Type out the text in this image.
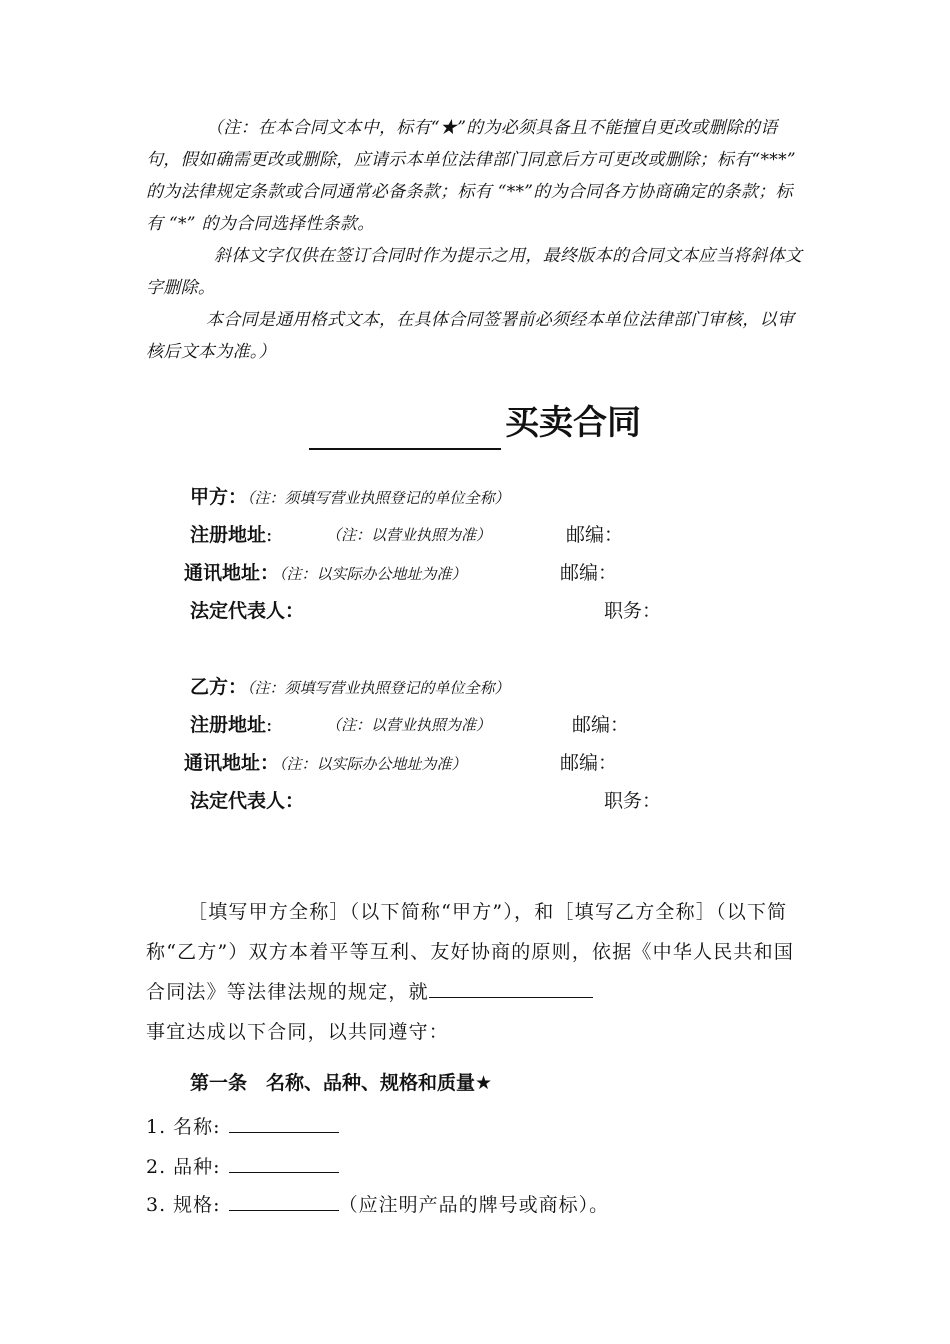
（注：在本合同文本中，标有“★”的为必须具备且不能擅自更改或删除的语句，假如确需更改或删除，应请示本单位法律部门同意后方可更改或删除；标有“***” 的为法律规定条款或合同通常必备条款；标有 “**”的为合同各方协商确定的条款；标有 “*” 的为合同选择性条款。

斜体文字仅供在签订合同时作为提示之用，最终版本的合同文本应当将斜体文字删除。

本合同是通用格式文本，在具体合同签署前必须经本单位法律部门审核，以审核后文本为准。）

买卖合同
甲方：（注：须填写营业执照登记的单位全称）
注册地址:	（注：以营业执照为准）	邮编：
通讯地址：（注：以实际办公地址为准）	邮编：
法定代表人：	职务：
乙方：（注：须填写营业执照登记的单位全称）
注册地址:	（注：以营业执照为准）	邮编：
通讯地址：（注：以实际办公地址为准）	邮编：
法定代表人：	职务：
［填写甲方全称］（以下简称“甲方”），和［填写乙方全称］（以下简称“乙方”）双方本着平等互利、友好协商的原则，依据《中华人民共和国合同法》等法律法规的规定，就
事宜达成以下合同，以共同遵守：
第一条　名称、品种、规格和质量★
1. 名称:
2. 品种:
3. 规格:	（应注明产品的牌号或商标）。
